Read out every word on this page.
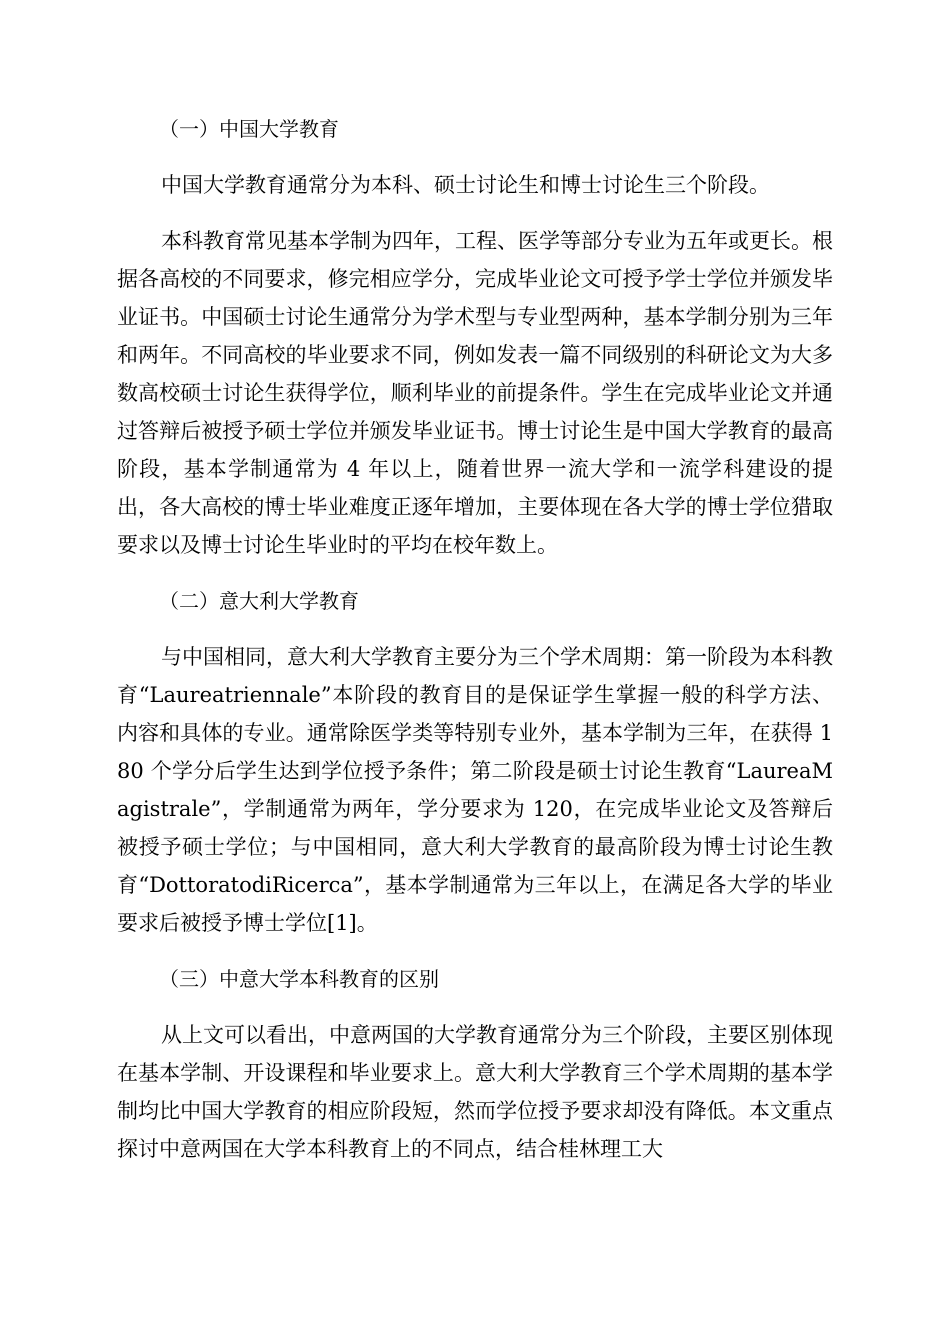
（一）中国大学教育
中国大学教育通常分为本科、硕士讨论生和博士讨论生三个阶段。

本科教育常见基本学制为四年，工程、医学等部分专业为五年或更长。根据各高校的不同要求，修完相应学分，完成毕业论文可授予学士学位并颁发毕业证书。中国硕士讨论生通常分为学术型与专业型两种，基本学制分别为三年和两年。不同高校的毕业要求不同，例如发表一篇不同级别的科研论文为大多数高校硕士讨论生获得学位，顺利毕业的前提条件。学生在完成毕业论文并通过答辩后被授予硕士学位并颁发毕业证书。博士讨论生是中国大学教育的最高阶段，基本学制通常为 4 年以上，随着世界一流大学和一流学科建设的提出，各大高校的博士毕业难度正逐年增加，主要体现在各大学的博士学位猎取要求以及博士讨论生毕业时的平均在校年数上。

（二）意大利大学教育

与中国相同，意大利大学教育主要分为三个学术周期：第一阶段为本科教育“Laureatriennale”本阶段的教育目的是保证学生掌握一般的科学方法、内容和具体的专业。通常除医学类等特别专业外，基本学制为三年，在获得 180 个学分后学生达到学位授予条件；第二阶段是硕士讨论生教育“LaureaMagistrale”，学制通常为两年，学分要求为 120，在完成毕业论文及答辩后被授予硕士学位；与中国相同，意大利大学教育的最高阶段为博士讨论生教育“DottoratodiRicerca”，基本学制通常为三年以上，在满足各大学的毕业要求后被授予博士学位[1]。

（三）中意大学本科教育的区别

从上文可以看出，中意两国的大学教育通常分为三个阶段，主要区别体现在基本学制、开设课程和毕业要求上。意大利大学教育三个学术周期的基本学制均比中国大学教育的相应阶段短，然而学位授予要求却没有降低。本文重点探讨中意两国在大学本科教育上的不同点，结合桂林理工大
